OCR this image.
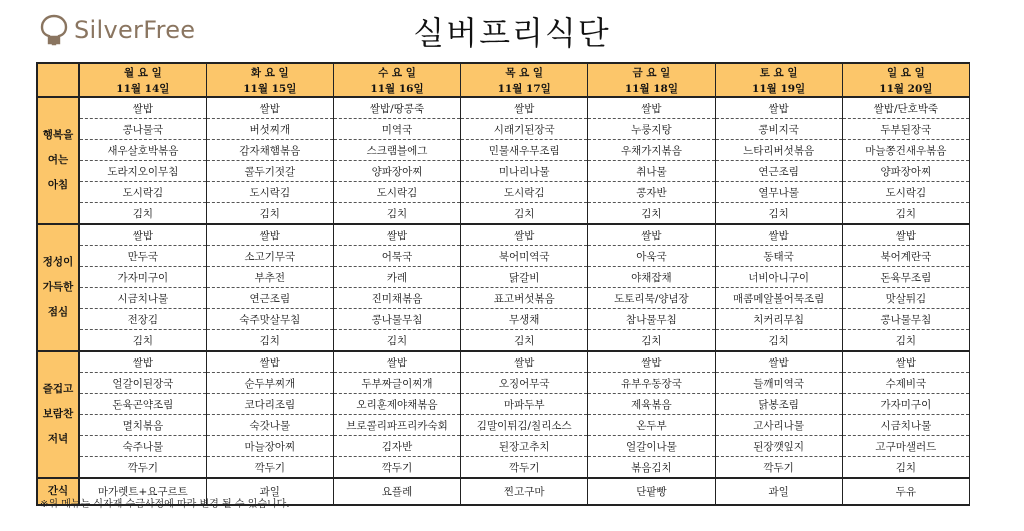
SilverFree	실버프리식단
	월 요 일	화 요 일	수 요 일	목 요 일	금 요 일	토 요 일	일 요 일
	11월 14일	11월 15일	11월 16일	11월 17일	11월 18일	11월 19일	11월 20일

행복을
여는
아침	쌀밥	쌀밥	쌀밥/땅콩죽	쌀밥	쌀밥	쌀밥	쌀밥/단호박죽
	콩나물국	버섯찌개	미역국	시래기된장국	누룽지탕	콩비지국	두부된장국
	새우살호박볶음	감자채햄볶음	스크램블에그	민물새우무조림	우채가지볶음	느타리버섯볶음	마늘쫑건새우볶음
	도라지오이무침	콜두기젓갈	양파장아찌	미나리나물	취나물	연근조림	양파장아찌
	도시락김	도시락김	도시락김	도시락김	콩자반	열무나물	도시락김
	김치	김치	김치	김치	김치	김치	김치

정성이
가득한
점심	쌀밥	쌀밥	쌀밥	쌀밥	쌀밥	쌀밥	쌀밥
	만두국	소고기무국	어묵국	북어미역국	아욱국	동태국	북어계란국
	가자미구이	부추전	카레	닭갈비	야채잡채	너비아니구이	돈육무조림
	시금치나물	연근조림	진미채볶음	표고버섯볶음	도토리묵/양념장	매콤메알볼어묵조림	맛살튀김
	전장김	숙주맛살무침	콩나물무침	무생채	참나물무침	치커리무침	콩나물무침
	김치	김치	김치	김치	김치	김치	김치

즐겁고
보람찬
저녁	쌀밥	쌀밥	쌀밥	쌀밥	쌀밥	쌀밥	쌀밥
	얼갈이된장국	순두부찌개	두부짜글이찌개	오징어무국	유부우동장국	들깨미역국	수제비국
	돈육곤약조림	코다리조림	오리훈제야채볶음	마파두부	제육볶음	닭봉조림	가자미구이
	멸치볶음	숙갓나물	브로콜리파프리카숙회	김말이튀김/칠리소스	온두부	고사리나물	시금치나물
	숙주나물	마늘장아찌	김자반	된장고추치	얼갈이나물	된장깻잎지	고구마샐러드
	깍두기	깍두기	깍두기	깍두기	볶음김치	깍두기	김치
간식	마가렛트+요구르트	과일	요플레	찐고구마	단팥빵	과일	두유
※위 메뉴는 식자재 수급사정에 따라 변경 될 수 있습니다.
